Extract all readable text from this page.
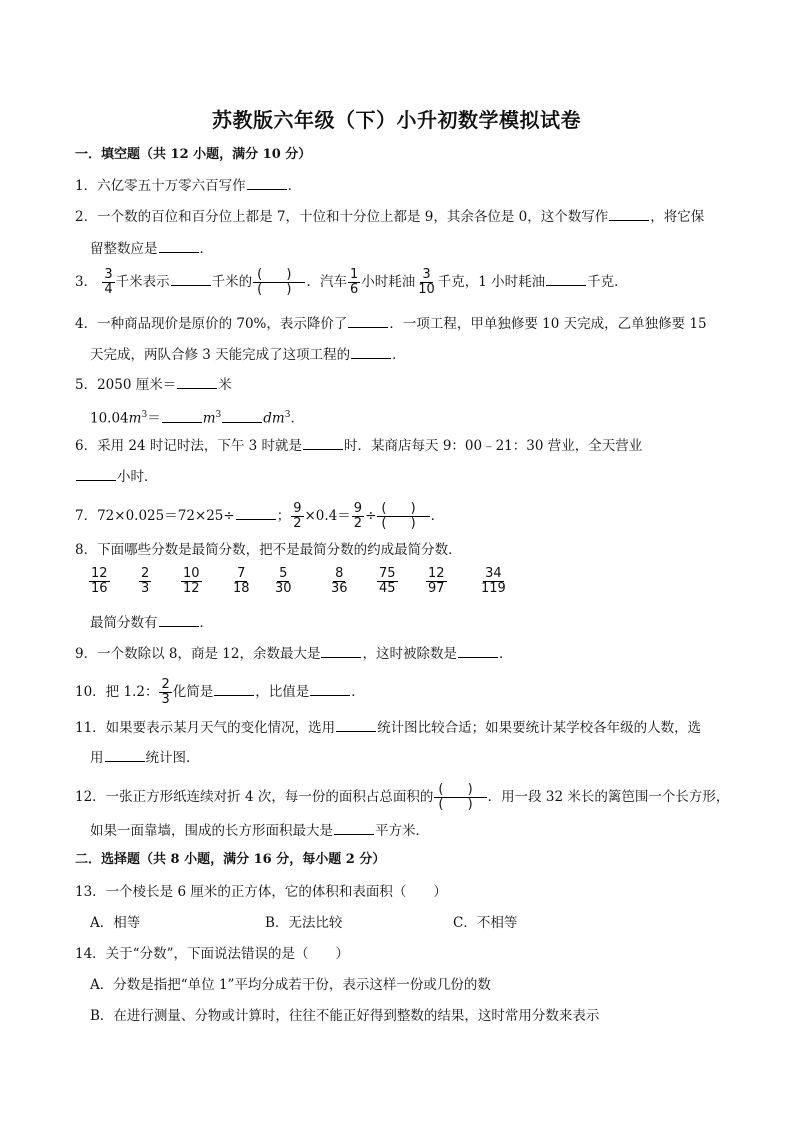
苏教版六年级（下）小升初数学模拟试卷
一．填空题（共 12 小题，满分 10 分）
1．六亿零五十万零六百写作	．
2．一个数的百位和百分位上都是 7，十位和十分位上都是 9，其余各位是 0，这个数写作	，将它保
留整数应是	．
3． $\frac{3}{4}$ 千米表示	千米的 $\frac{( )}{( )}$ ．汽车 $\frac{1}{6}$ 小时耗油 $\frac{3}{10}$ 千克，1 小时耗油	千克．
4．一种商品现价是原价的 70%，表示降价了	．一项工程，甲单独修要 10 天完成，乙单独修要 15
天完成，两队合修 3 天能完成了这项工程的	．
5．2050 厘米＝	米
$10.04m^3=$	$m^3$	$dm^3$．
6．采用 24 时记时法，下午 3 时就是	时．某商店每天 9：00﹣21：30 营业，全天营业
小时．
7．72×0.025＝72×25÷	； $\frac{9}{2} \times 0.4= \frac{9}{2} \div \frac{( )}{( )}$ ．
8．下面哪些分数是最简分数，把不是最简分数的约成最简分数．
$\frac{12}{16} \frac{2}{3} \frac{10}{12} \frac{7}{18} \frac{5}{30}$	$\frac{8}{36} \frac{75}{45} \frac{12}{97} \frac{34}{119}$
最简分数有	．
9．一个数除以 8，商是 12，余数最大是	，这时被除数是	．
10．把 1.2： $\frac{2}{3}$ 化简是	，比值是	．
11．如果要表示某月天气的变化情况，选用	统计图比较合适；如果要统计某学校各年级的人数，选
用	统计图．
12．一张正方形纸连续对折 4 次，每一份的面积占总面积的 $\frac{( )}{( )}$ ．用一段 32 米长的篱笆围一个长方形，
如果一面靠墙，围成的长方形面积最大是	平方米．
二．选择题（共 8 小题，满分 16 分，每小题 2 分）
13．一个棱长是 6 厘米的正方体，它的体积和表面积（　　）
A．相等	B．无法比较	C．不相等
14．关于“分数”，下面说法错误的是（　　）
A．分数是指把“单位 1”平均分成若干份，表示这样一份或几份的数
B．在进行测量、分物或计算时，往往不能正好得到整数的结果，这时常用分数来表示
